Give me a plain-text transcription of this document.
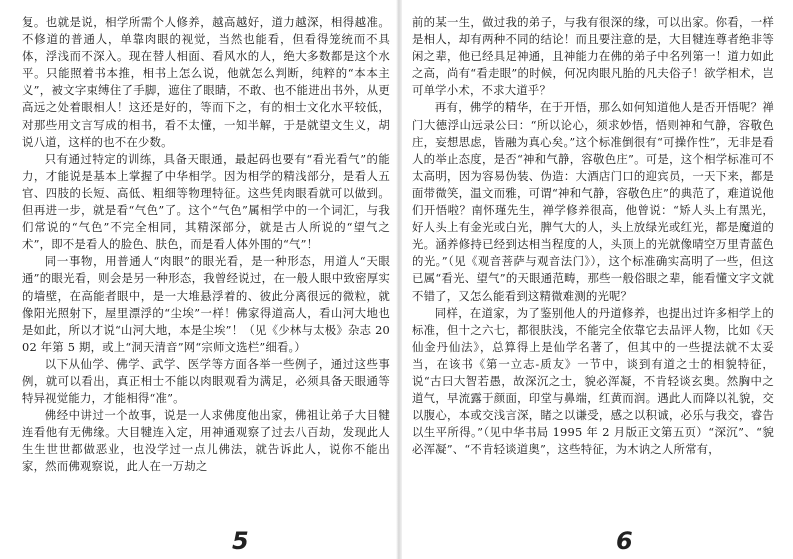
复。也就是说，相学所需个人修养，越高越好，道力越深，相得越准。不修道的普通人，单靠肉眼的视觉，当然也能看，但看得笼统而不具体，浮浅而不深入。现在替人相面、看风水的人，绝大多数都是这个水平。只能照着书本推，相书上怎么说，他就怎么判断，纯粹的“本本主义”，被文字束缚住了手脚，遮住了眼睛，不敢、也不能进出书外，从更高远之处着眼相人！这还是好的，等而下之，有的相士文化水平较低，对那些用文言写成的相书，看不太懂，一知半解，于是就望文生义，胡说八道，这样的也不在少数。

只有通过特定的训练，具备天眼通，最起码也要有“看光看气”的能力，才能说是基本上掌握了中华相学。因为相学的精浅部分，是看人五官、四肢的长短、高低、粗细等物理特征。这些凭肉眼看就可以做到。但再进一步，就是看“气色”了。这个“气色”属相学中的一个词汇，与我们常说的“气色”不完全相同，其精深部分，就是古人所说的“望气之术”，即不是看人的脸色、肤色，而是看人体外围的“气”！

同一事物，用普通人“肉眼”的眼光看，是一种形态，用道人“天眼通”的眼光看，则会是另一种形态，我曾经说过，在一般人眼中致密厚实的墙壁，在高能者眼中，是一大堆悬浮着的、彼此分离很远的微粒，就像阳光照射下，屋里漂浮的“尘埃”一样！佛家得道高人，看山河大地也是如此，所以才说“山河大地，本是尘埃”！（见《少林与太极》杂志 2002 年第 5 期，或上“洞天清音”网“宗师文选栏”细看。）

以下从仙学、佛学、武学、医学等方面各举一些例子，通过这些事例，就可以看出，真正相士不能以肉眼观看为满足，必须具备天眼通等特异视觉能力，才能相得“准”。

佛经中讲过一个故事，说是一人求佛度他出家，佛祖让弟子大目犍连看他有无佛缘。大目犍连入定，用神通观察了过去八百劫，发现此人生生世世都做恶业，也没学过一点儿佛法，就告诉此人，说你不能出家，然而佛观察说，此人在一万劫之

前的某一生，做过我的弟子，与我有很深的缘，可以出家。你看，一样是相人，却有两种不同的结论！而且要注意的是，大目犍连尊者绝非等闲之辈，他已经具足神通，且神能力在佛的弟子中名列第一！道力如此之高，尚有“看走眼”的时候，何况肉眼凡胎的凡夫俗子！欲学相术，岂可单学小术，不求大道乎？

再有，佛学的精华，在于开悟，那么如何知道他人是否开悟呢？禅门大德浮山远录公曰：“所以论心，须求妙悟，悟则神和气静，容敬色庄，妄想思虑，皆融为真心矣。”这个标准倒很有“可操作性”，无非是看人的举止态度，是否“神和气静，容敬色庄”。可是，这个相学标准可不太高明，因为容易伪装、伪造：大酒店门口的迎宾员，一天下来，都是面带微笑，温文而雅，可谓“神和气静，容敬色庄”的典范了，难道说他们开悟啦？南怀瑾先生，禅学修养很高，他曾说：“矫人头上有黑光，好人头上有金光或白光，脾气大的人，头上放绿光或红光，都是魔道的光。涵养修持已经到达相当程度的人，头顶上的光就像晴空万里青蓝色的光。”（见《观音菩萨与观音法门》），这个标准确实高明了一些，但这已属“看光、望气”的天眼通范畴，那些一般俗眼之辈，能看懂文字文就不错了，又怎么能看到这精微难测的光呢？

同样，在道家，为了鉴别他人的丹道修养，也提出过许多相学上的标准，但十之六七，都很肤浅，不能完全依靠它去品评人物，比如《天仙金丹仙法》，总算得上是仙学名著了，但其中的一些提法就不太妥当，在该书《第一立志-质友》一节中，谈到有道之士的相貌特征，说“古曰大智若愚，故深沉之士，貌必浑凝，不肯轻谈玄奥。然胸中之道气，早流露于颜面，印堂与鼻端，红黄而润。遇此人而降以礼貌，交以腹心，本或交浅言深，睹之以谦受，感之以积诚，必乐与我交，睿告以生平所得。”（见中华书局 1995 年 2 月版正文第五页）“深沉”、“貌必浑凝”、“不肯轻谈道奥”，这些特征，为木讷之人所常有，

5	6
